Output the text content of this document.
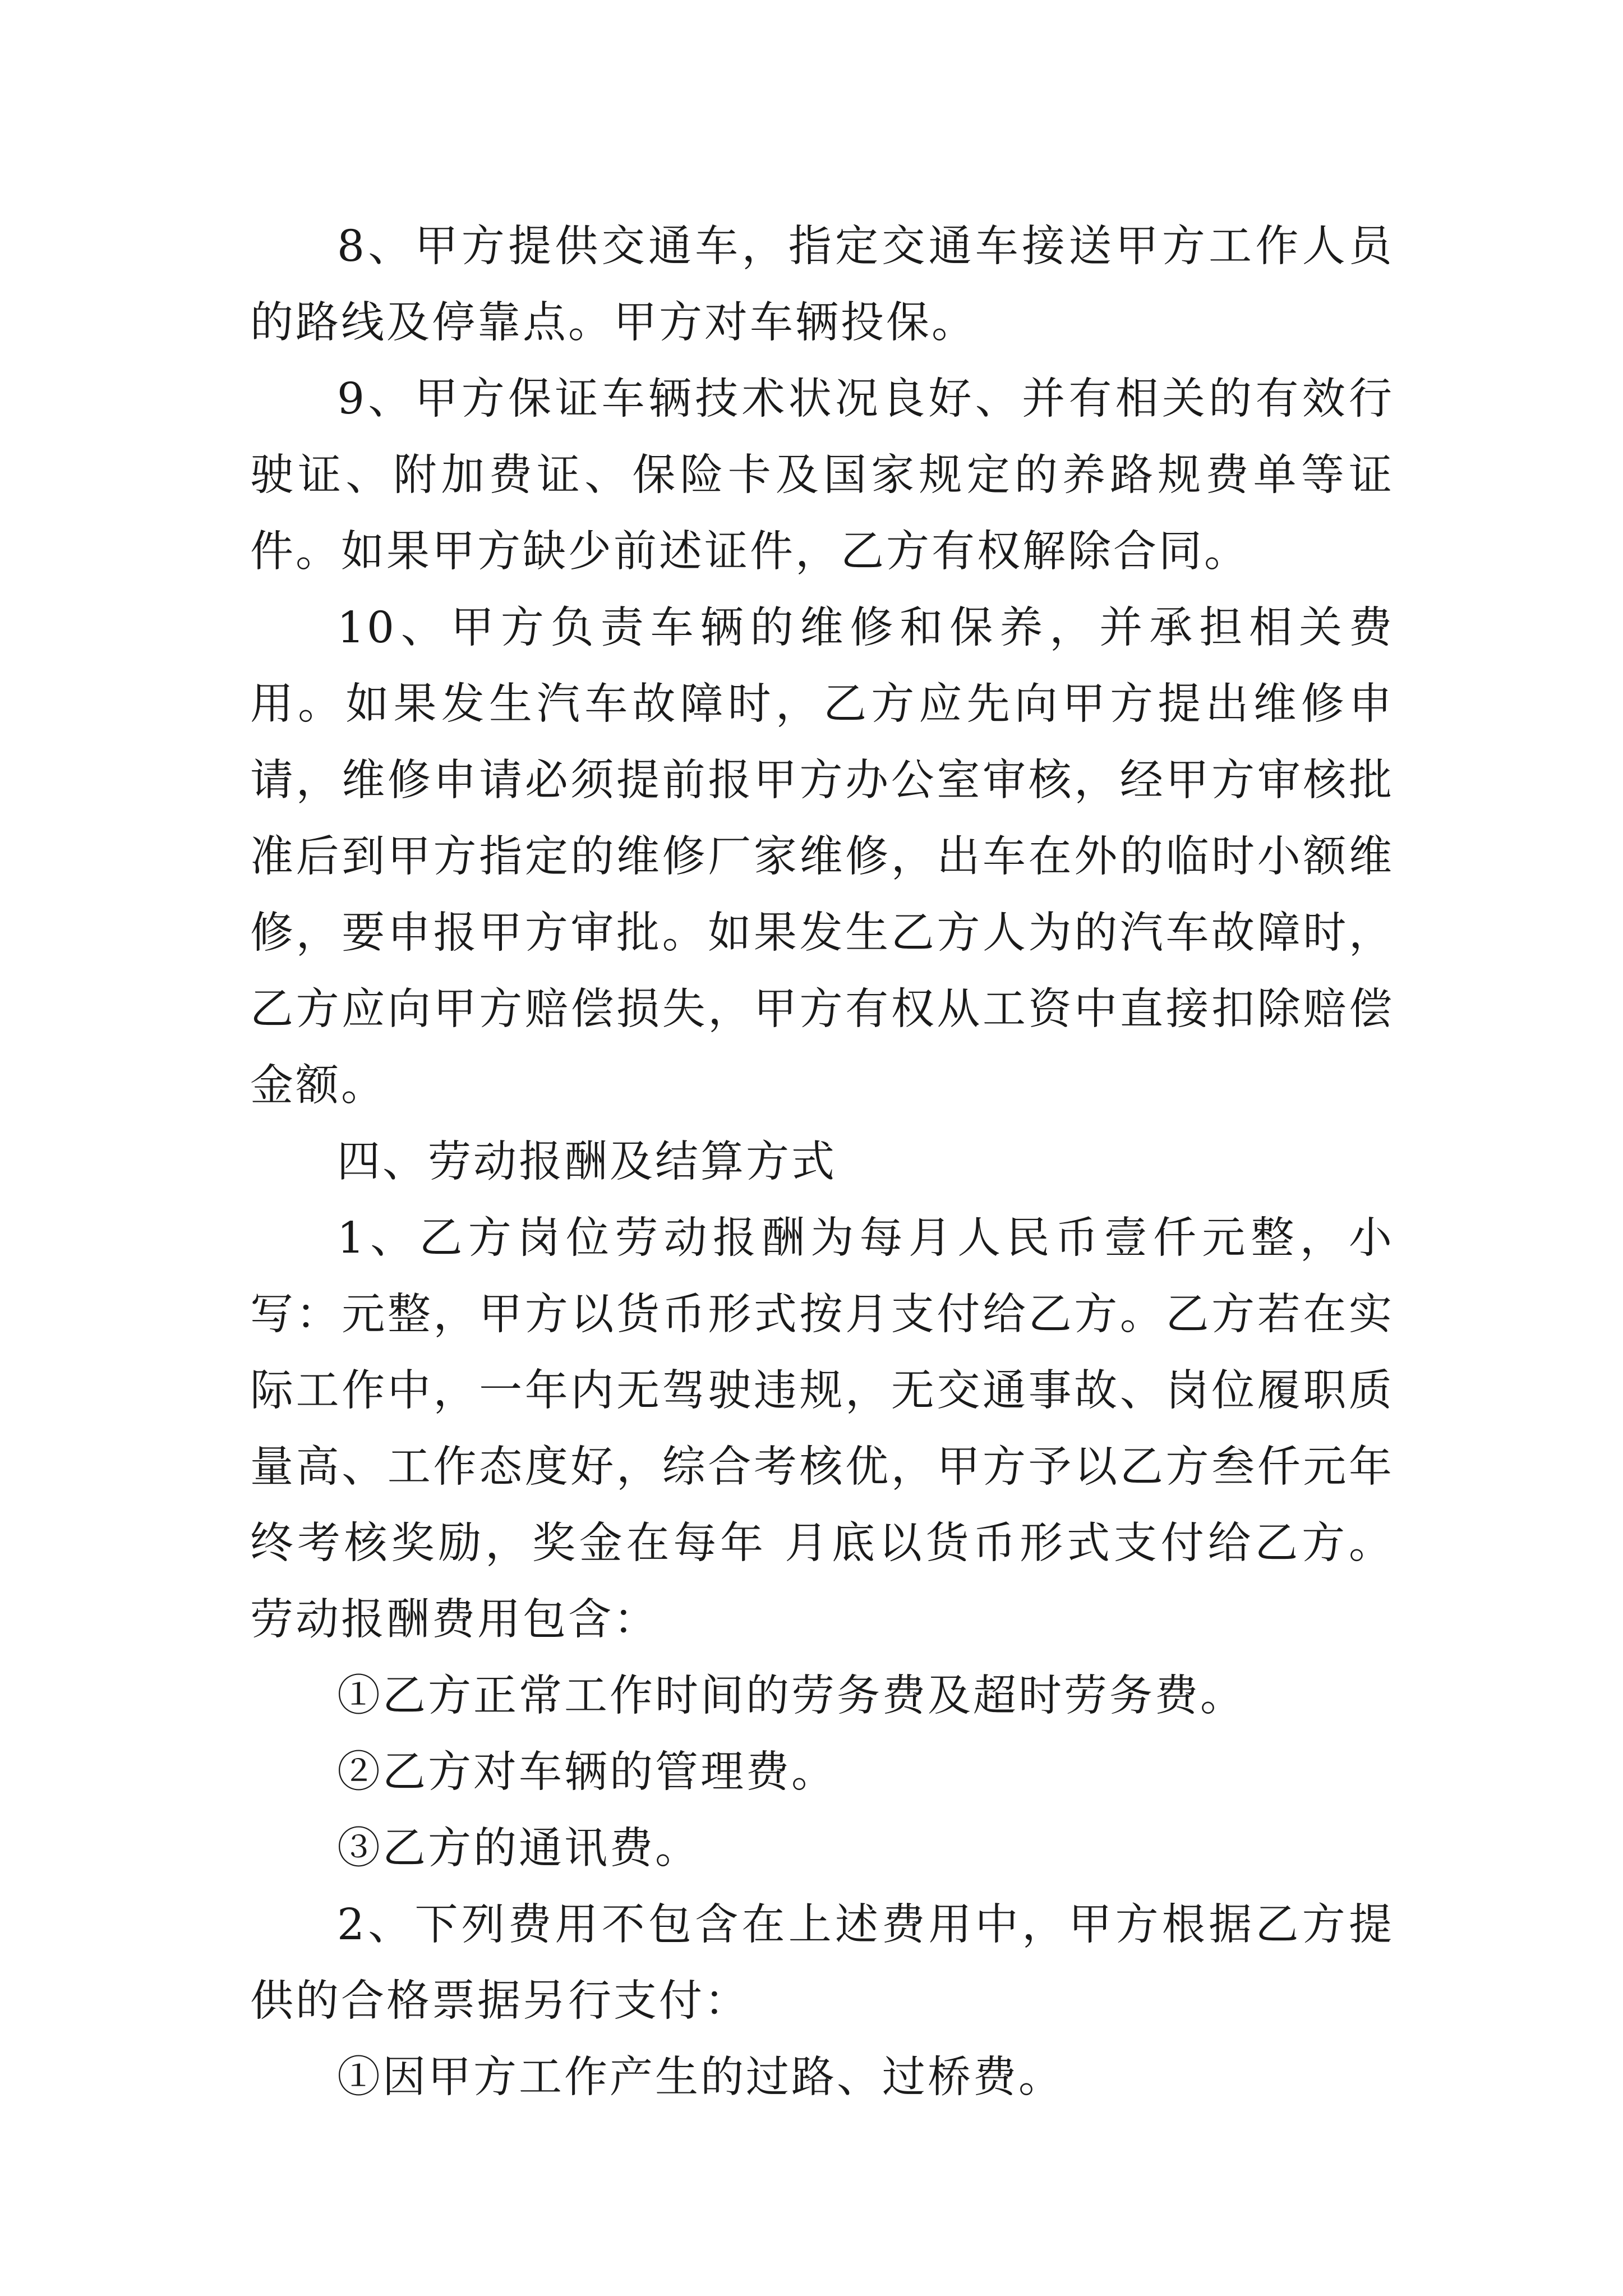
8、甲方提供交通车，指定交通车接送甲方工作人员的路线及停靠点。甲方对车辆投保。

9、甲方保证车辆技术状况良好、并有相关的有效行驶证、附加费证、保险卡及国家规定的养路规费单等证件。如果甲方缺少前述证件，乙方有权解除合同。

10、甲方负责车辆的维修和保养，并承担相关费用。如果发生汽车故障时，乙方应先向甲方提出维修申请，维修申请必须提前报甲方办公室审核，经甲方审核批准后到甲方指定的维修厂家维修，出车在外的临时小额维修，要申报甲方审批。如果发生乙方人为的汽车故障时，乙方应向甲方赔偿损失，甲方有权从工资中直接扣除赔偿金额。

四、劳动报酬及结算方式

1、乙方岗位劳动报酬为每月人民币壹仟元整，小写：元整，甲方以货币形式按月支付给乙方。乙方若在实际工作中，一年内无驾驶违规，无交通事故、岗位履职质量高、工作态度好，综合考核优，甲方予以乙方叁仟元年终考核奖励，奖金在每年 月底以货币形式支付给乙方。劳动报酬费用包含：

①乙方正常工作时间的劳务费及超时劳务费。

②乙方对车辆的管理费。

③乙方的通讯费。

2、下列费用不包含在上述费用中，甲方根据乙方提供的合格票据另行支付：

①因甲方工作产生的过路、过桥费。
